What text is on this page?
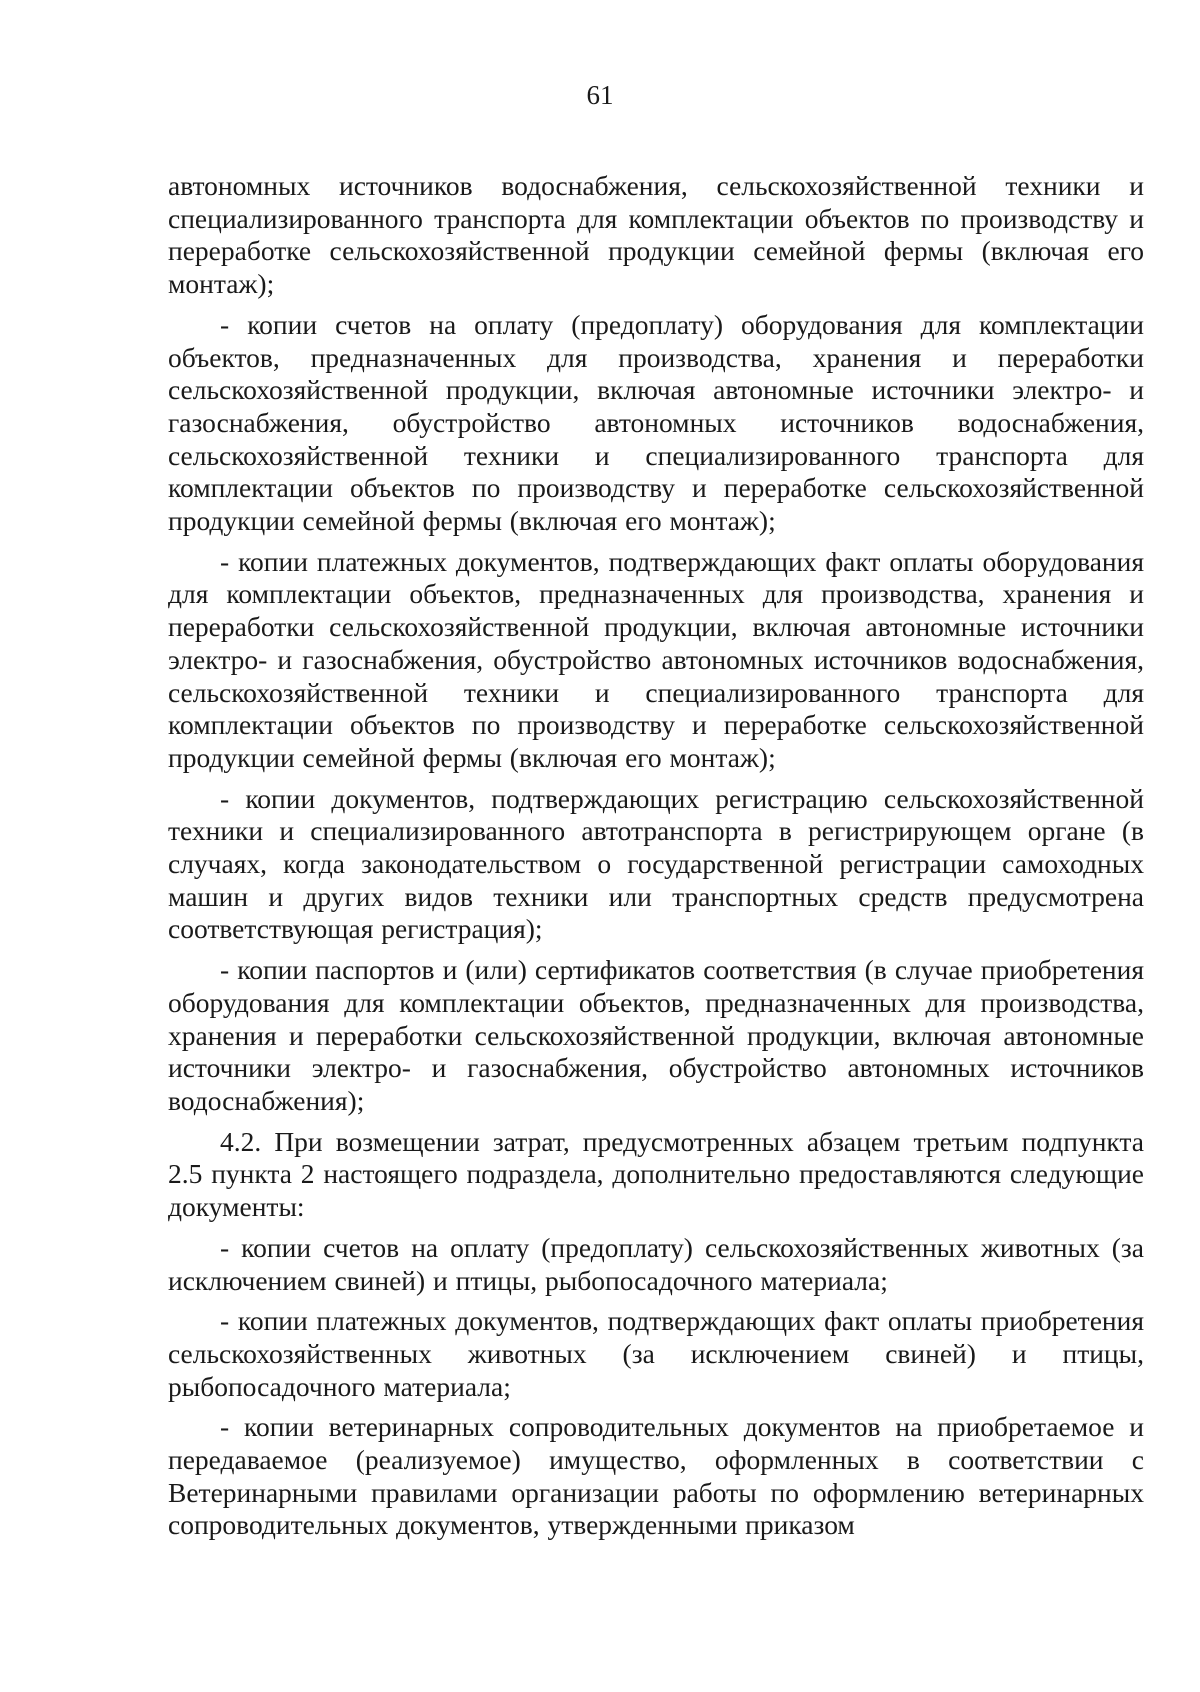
61

автономных источников водоснабжения, сельскохозяйственной техники и специализированного транспорта для комплектации объектов по производству и переработке сельскохозяйственной продукции семейной фермы (включая его монтаж);

- копии счетов на оплату (предоплату) оборудования для комплектации объектов, предназначенных для производства, хранения и переработки сельскохозяйственной продукции, включая автономные источники электро- и газоснабжения, обустройство автономных источников водоснабжения, сельскохозяйственной техники и специализированного транспорта для комплектации объектов по производству и переработке сельскохозяйственной продукции семейной фермы (включая его монтаж);

- копии платежных документов, подтверждающих факт оплаты оборудования для комплектации объектов, предназначенных для производства, хранения и переработки сельскохозяйственной продукции, включая автономные источники электро- и газоснабжения, обустройство автономных источников водоснабжения, сельскохозяйственной техники и специализированного транспорта для комплектации объектов по производству и переработке сельскохозяйственной продукции семейной фермы (включая его монтаж);

- копии документов, подтверждающих регистрацию сельскохозяйственной техники и специализированного автотранспорта в регистрирующем органе (в случаях, когда законодательством о государственной регистрации самоходных машин и других видов техники или транспортных средств предусмотрена соответствующая регистрация);

- копии паспортов и (или) сертификатов соответствия (в случае приобретения оборудования для комплектации объектов, предназначенных для производства, хранения и переработки сельскохозяйственной продукции, включая автономные источники электро- и газоснабжения, обустройство автономных источников водоснабжения);

4.2. При возмещении затрат, предусмотренных абзацем третьим подпункта 2.5 пункта 2 настоящего подраздела, дополнительно предоставляются следующие документы:

- копии счетов на оплату (предоплату) сельскохозяйственных животных (за исключением свиней) и птицы, рыбопосадочного материала;

- копии платежных документов, подтверждающих факт оплаты приобретения сельскохозяйственных животных (за исключением свиней) и птицы, рыбопосадочного материала;

- копии ветеринарных сопроводительных документов на приобретаемое и передаваемое (реализуемое) имущество, оформленных в соответствии с Ветеринарными правилами организации работы по оформлению ветеринарных сопроводительных документов, утвержденными приказом
